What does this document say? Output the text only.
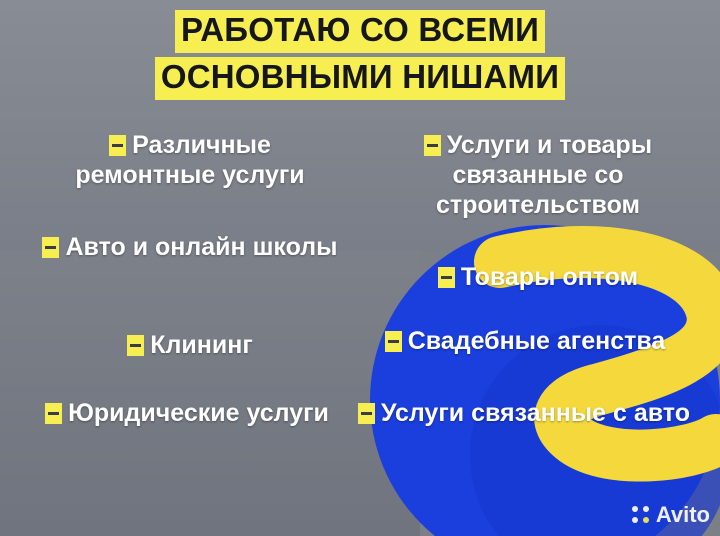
РАБОТАЮ СО ВСЕМИ
ОСНОВНЫМИ НИШАМИ
Различные ремонтные услуги
Авто и онлайн школы
Клининг
Юридические услуги
Услуги и товары связанные со строительством
Товары оптом
Свадебные агенства
Услуги связанные с авто
Avito
